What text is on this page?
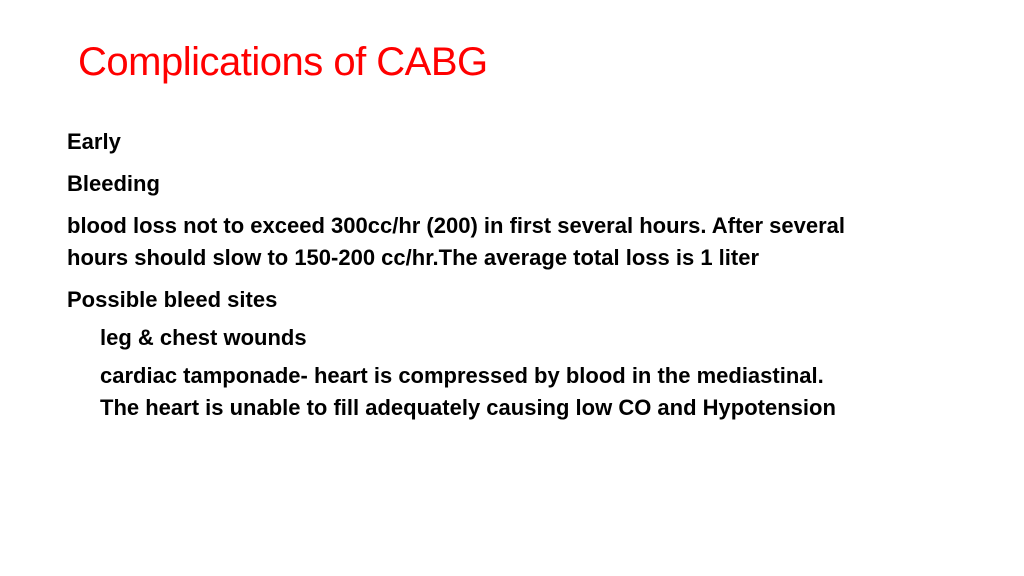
Complications of CABG
Early
Bleeding
blood loss not to exceed 300cc/hr (200) in first several hours. After several
hours should slow to 150-200 cc/hr.The average total loss is 1 liter
Possible bleed sites
leg & chest wounds
cardiac tamponade- heart is compressed by blood in the mediastinal.
The heart is unable to fill adequately causing low CO and Hypotension
